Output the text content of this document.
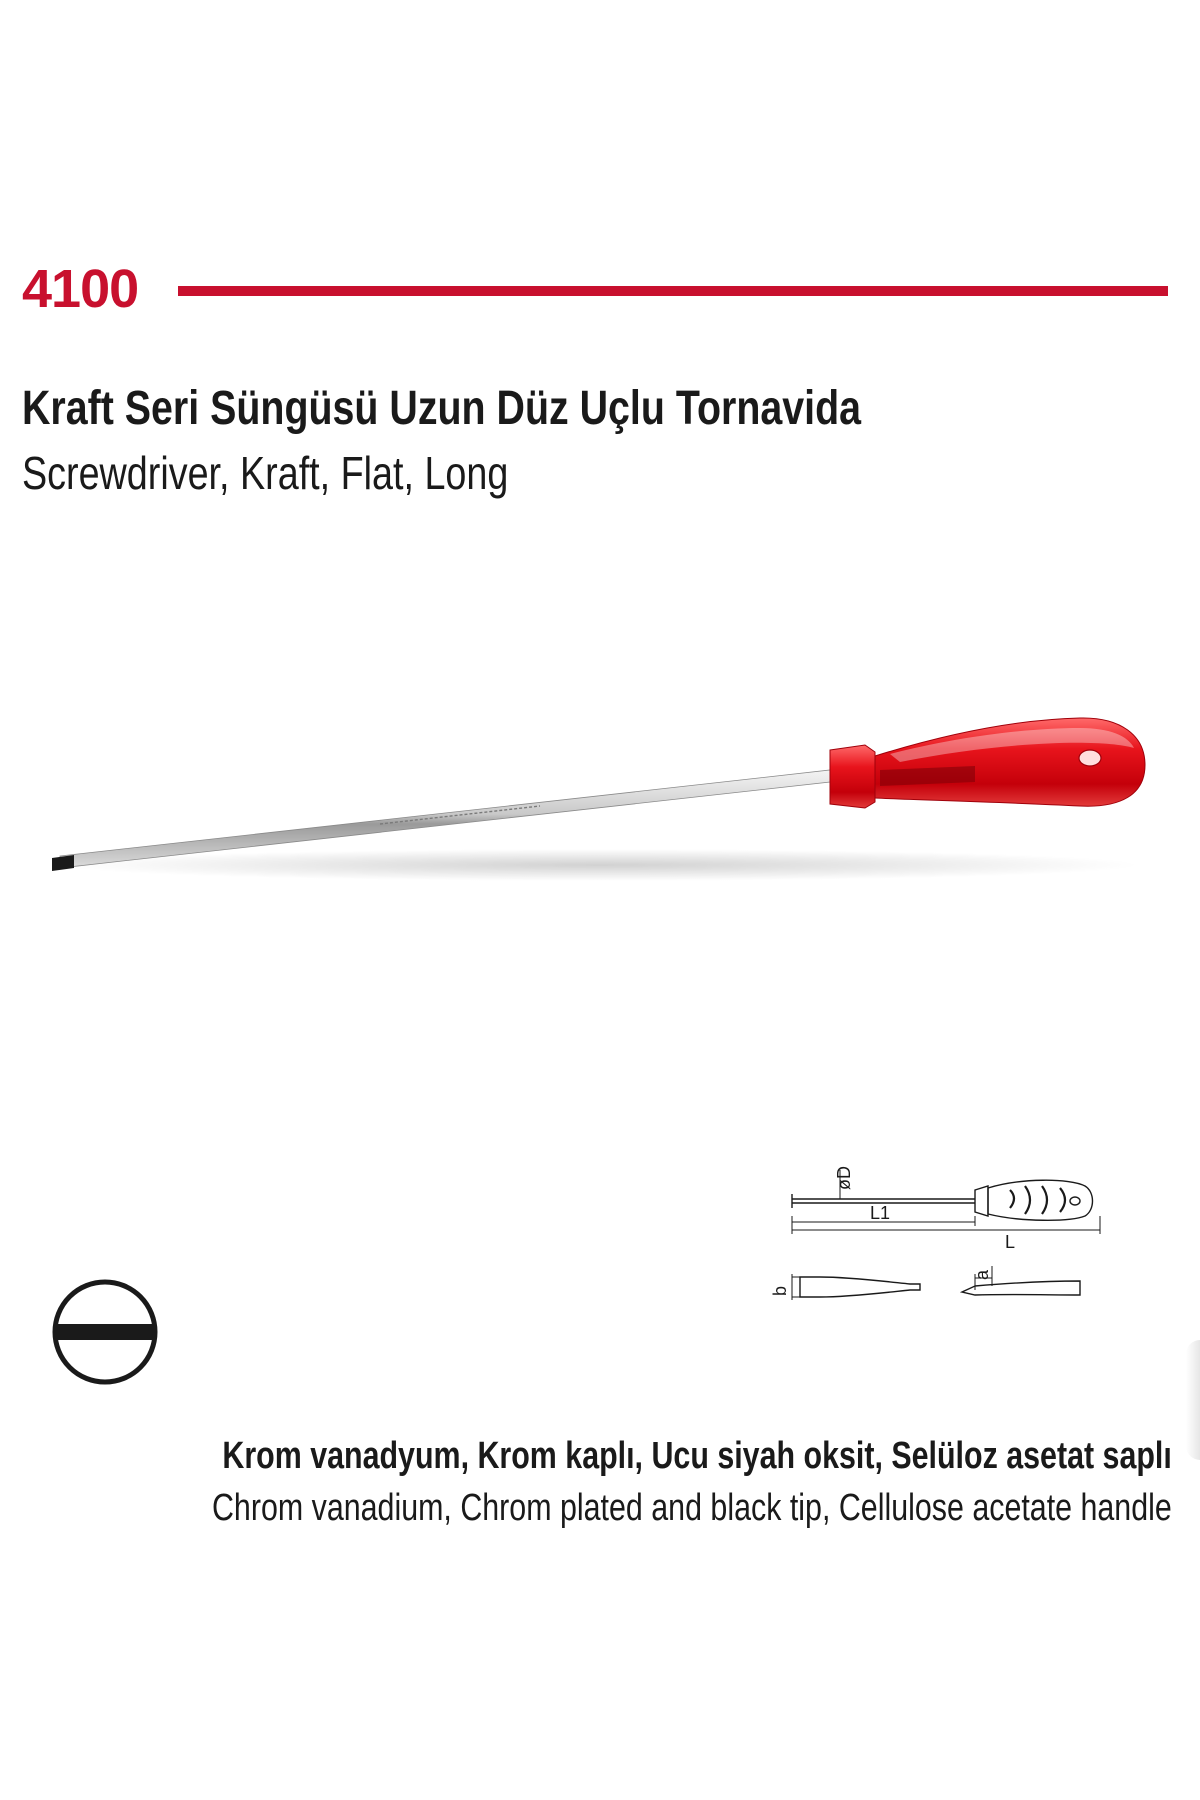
4100
Kraft Seri Süngüsü Uzun Düz Uçlu Tornavida
Screwdriver, Kraft, Flat, Long
øD
L1
L
b
a
Krom vanadyum, Krom kaplı, Ucu siyah oksit, Selüloz asetat saplı
Chrom vanadium, Chrom plated and black tip, Cellulose acetate handle
